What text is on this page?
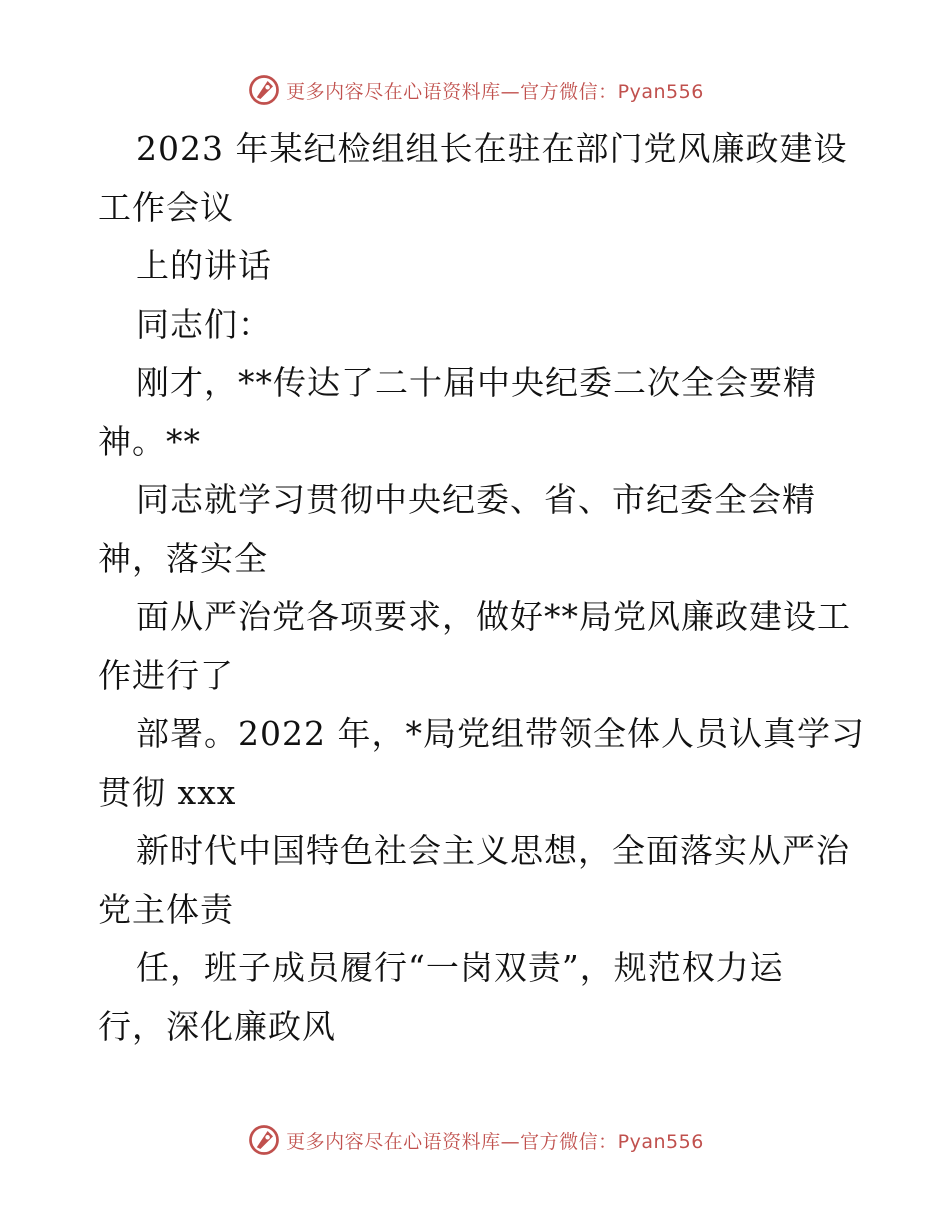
更多内容尽在心语资料库—官方微信：Pyan556
2023 年某纪检组组长在驻在部门党风廉政建设
工作会议
上的讲话
同志们：
刚才，**传达了二十届中央纪委二次全会要精
神。**
同志就学习贯彻中央纪委、省、市纪委全会精
神，落实全
面从严治党各项要求，做好**局党风廉政建设工
作进行了
部署。2022 年，*局党组带领全体人员认真学习
贯彻 xxx
新时代中国特色社会主义思想，全面落实从严治
党主体责
任，班子成员履行“一岗双责”，规范权力运
行，深化廉政风
更多内容尽在心语资料库—官方微信：Pyan556
